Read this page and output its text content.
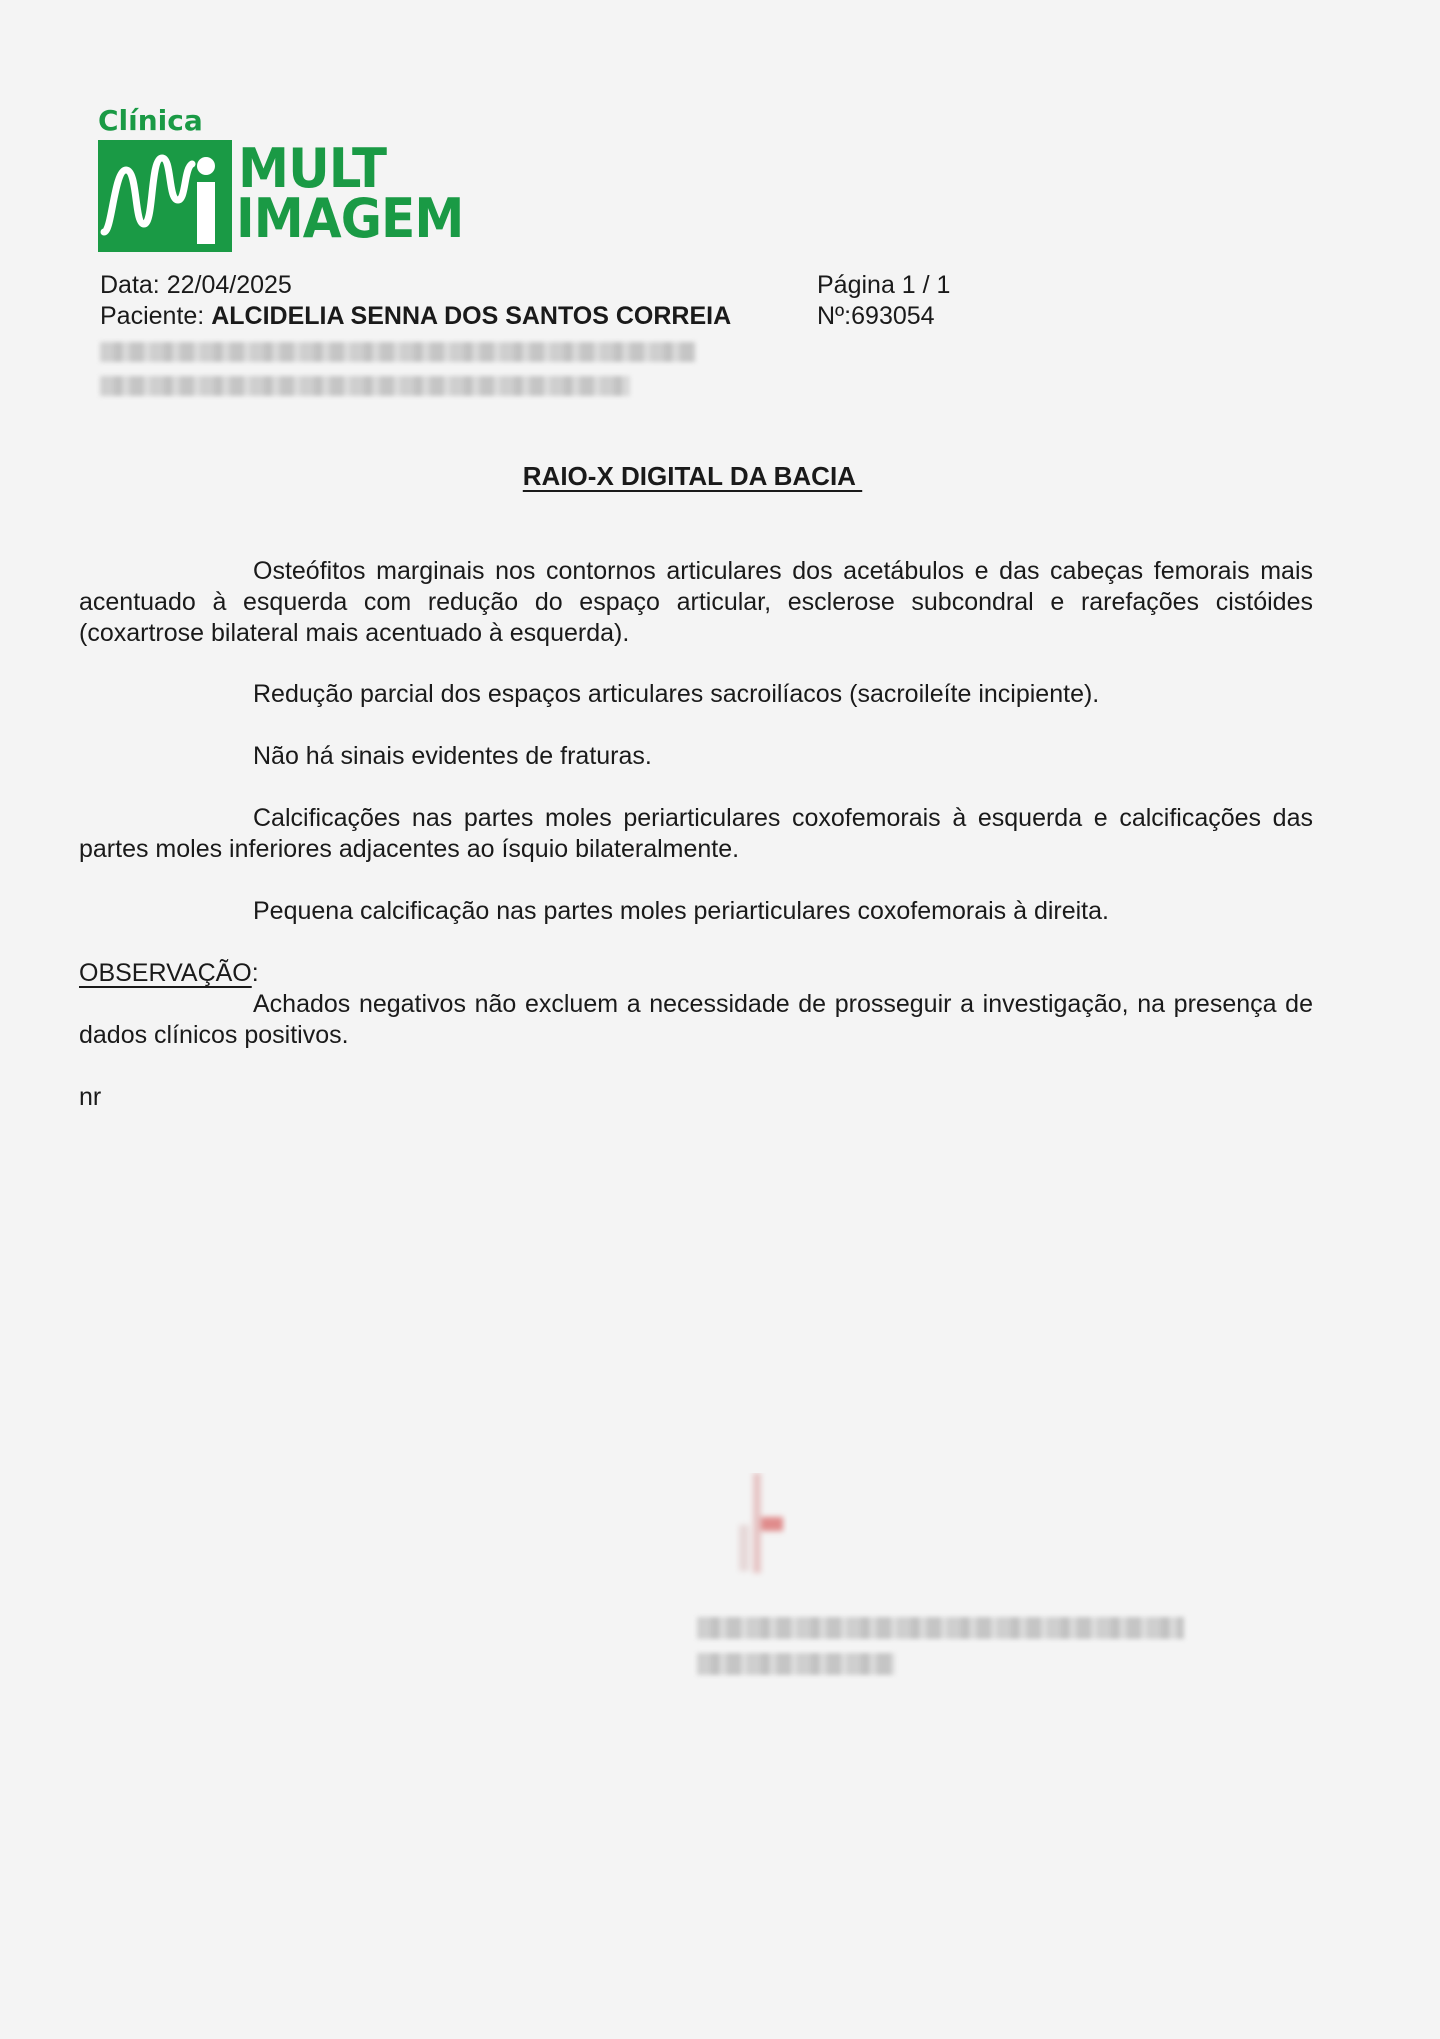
Clínica
MULT
IMAGEM
Data: 22/04/2025
Paciente: ALCIDELIA SENNA DOS SANTOS CORREIA
Página 1 / 1
Nº:693054
RAIO-X DIGITAL DA BACIA
Osteófitos marginais nos contornos articulares dos acetábulos e das cabeças femorais mais acentuado à esquerda com redução do espaço articular, esclerose subcondral e rarefações cistóides (coxartrose bilateral mais acentuado à esquerda).
Redução parcial dos espaços articulares sacroilíacos (sacroileíte incipiente).
Não há sinais evidentes de fraturas.
Calcificações nas partes moles periarticulares coxofemorais à esquerda e calcificações das partes moles inferiores adjacentes ao ísquio bilateralmente.
Pequena calcificação nas partes moles periarticulares coxofemorais à direita.
OBSERVAÇÃO:
Achados negativos não excluem a necessidade de prosseguir a investigação, na presença de dados clínicos positivos.
nr
